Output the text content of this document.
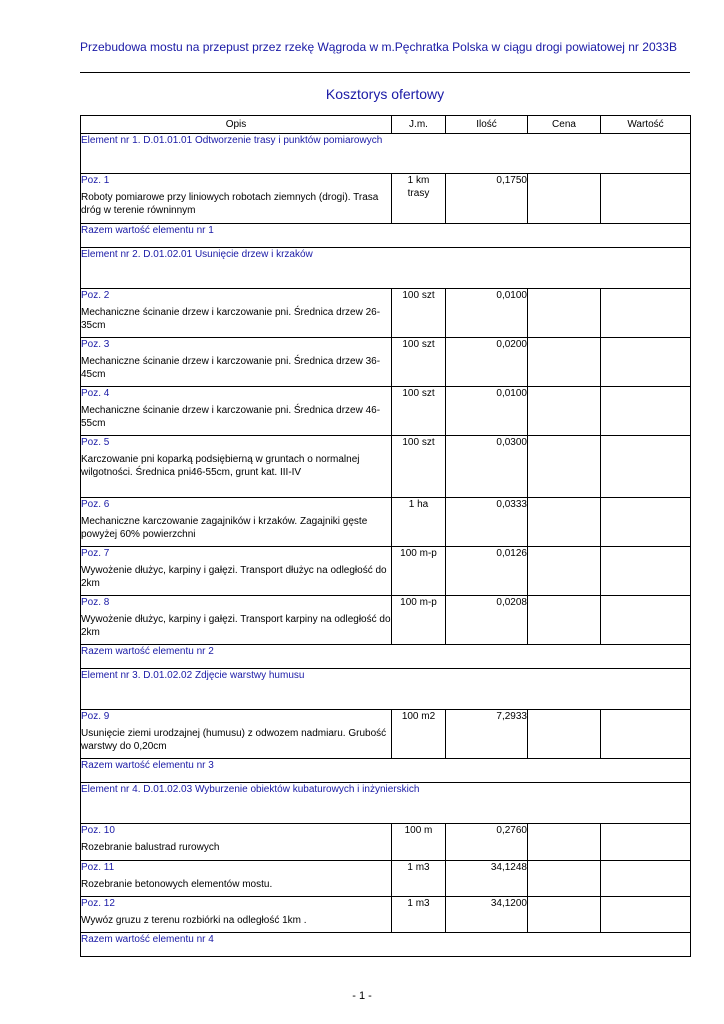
Przebudowa mostu na przepust przez rzekę Wągroda w m.Pęchratka Polska w ciągu drogi powiatowej nr 2033B
Kosztorys ofertowy
Opis	J.m.	Ilość	Cena	Wartość
Element nr 1. D.01.01.01 Odtworzenie trasy i punktów pomiarowych				

Poz. 1
Roboty pomiarowe przy liniowych robotach ziemnych (drogi). Trasa dróg w terenie równinnym	1 km trasy	0,1750		
Razem wartość elementu nr 1				
Element nr 2. D.01.02.01 Usunięcie drzew i krzaków				

Poz. 2
Mechaniczne ścinanie drzew i karczowanie pni. Średnica drzew 26-35cm	100 szt	0,0100		

Poz. 3
Mechaniczne ścinanie drzew i karczowanie pni. Średnica drzew 36-45cm	100 szt	0,0200		

Poz. 4
Mechaniczne ścinanie drzew i karczowanie pni. Średnica drzew 46-55cm	100 szt	0,0100		

Poz. 5
Karczowanie pni koparką podsiębierną w gruntach o normalnej wilgotności. Średnica pni46-55cm, grunt kat. III-IV	100 szt	0,0300		

Poz. 6
Mechaniczne karczowanie zagajników i krzaków. Zagajniki gęste powyżej 60% powierzchni	1 ha	0,0333		

Poz. 7
Wywożenie dłużyc, karpiny i gałęzi. Transport dłużyc na odległość do 2km	100 m-p	0,0126		

Poz. 8
Wywożenie dłużyc, karpiny i gałęzi. Transport karpiny na odległość do 2km	100 m-p	0,0208		
Razem wartość elementu nr 2				
Element nr 3. D.01.02.02 Zdjęcie warstwy humusu				

Poz. 9
Usunięcie ziemi urodzajnej (humusu) z odwozem nadmiaru. Grubość warstwy do 0,20cm	100 m2	7,2933		
Razem wartość elementu nr 3				
Element nr 4. D.01.02.03 Wyburzenie obiektów kubaturowych i inżynierskich				

Poz. 10
Rozebranie balustrad rurowych	100 m	0,2760		

Poz. 11
Rozebranie betonowych elementów mostu.	1 m3	34,1248		

Poz. 12
Wywóz gruzu z terenu rozbiórki na odległość 1km .	1 m3	34,1200		
Razem wartość elementu nr 4				
- 1 -
